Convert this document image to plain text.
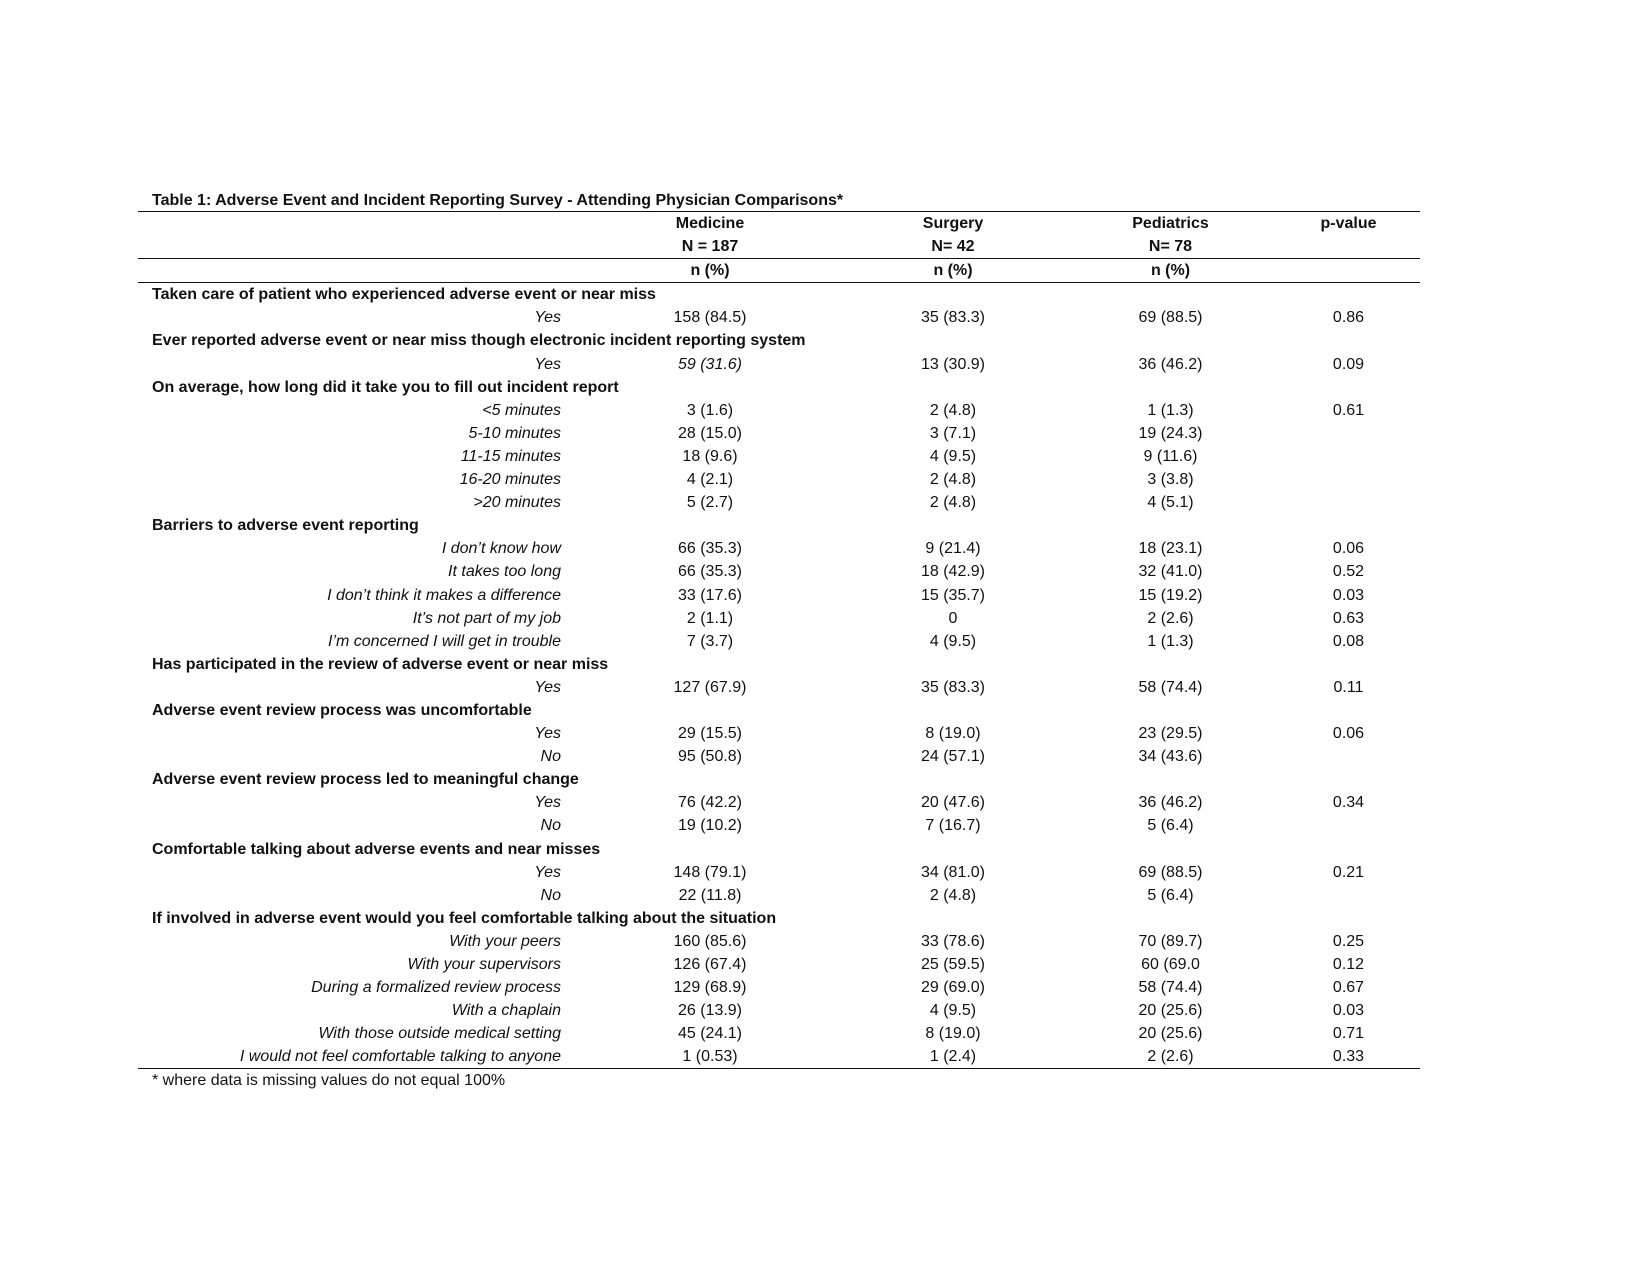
Table 1: Adverse Event and Incident Reporting Survey - Attending Physician Comparisons*
	Medicine	Surgery	Pediatrics	p-value
	N = 187	N= 42	N= 78	
	n (%)	n (%)	n (%)	
Taken care of patient who experienced adverse event or near miss				
Yes	158 (84.5)	35 (83.3)	69 (88.5)	0.86
Ever reported adverse event or near miss though electronic incident reporting system				
Yes	59 (31.6)	13 (30.9)	36 (46.2)	0.09
On average, how long did it take you to fill out incident report				
<5 minutes	3 (1.6)	2 (4.8)	1 (1.3)	0.61
5-10 minutes	28 (15.0)	3 (7.1)	19 (24.3)	
11-15 minutes	18 (9.6)	4 (9.5)	9 (11.6)	
16-20 minutes	4 (2.1)	2 (4.8)	3 (3.8)	
>20 minutes	5 (2.7)	2 (4.8)	4 (5.1)	
Barriers to adverse event reporting				
I don’t know how	66 (35.3)	9 (21.4)	18 (23.1)	0.06
It takes too long	66 (35.3)	18 (42.9)	32 (41.0)	0.52
I don’t think it makes a difference	33 (17.6)	15 (35.7)	15 (19.2)	0.03
It’s not part of my job	2 (1.1)	0	2 (2.6)	0.63
I’m concerned I will get in trouble	7 (3.7)	4 (9.5)	1 (1.3)	0.08
Has participated in the review of adverse event or near miss				
Yes	127 (67.9)	35 (83.3)	58 (74.4)	0.11
Adverse event review process was uncomfortable				
Yes	29 (15.5)	8 (19.0)	23 (29.5)	0.06
No	95 (50.8)	24 (57.1)	34 (43.6)	
Adverse event review process led to meaningful change				
Yes	76 (42.2)	20 (47.6)	36 (46.2)	0.34
No	19 (10.2)	7 (16.7)	5 (6.4)	
Comfortable talking about adverse events and near misses				
Yes	148 (79.1)	34 (81.0)	69 (88.5)	0.21
No	22 (11.8)	2 (4.8)	5 (6.4)	
If involved in adverse event would you feel comfortable talking about the situation				
With your peers	160 (85.6)	33 (78.6)	70 (89.7)	0.25
With your supervisors	126 (67.4)	25 (59.5)	60 (69.0	0.12
During a formalized review process	129 (68.9)	29 (69.0)	58 (74.4)	0.67
With a chaplain	26 (13.9)	4 (9.5)	20 (25.6)	0.03
With those outside medical setting	45 (24.1)	8 (19.0)	20 (25.6)	0.71
I would not feel comfortable talking to anyone	1 (0.53)	1 (2.4)	2 (2.6)	0.33
* where data is missing values do not equal 100%
